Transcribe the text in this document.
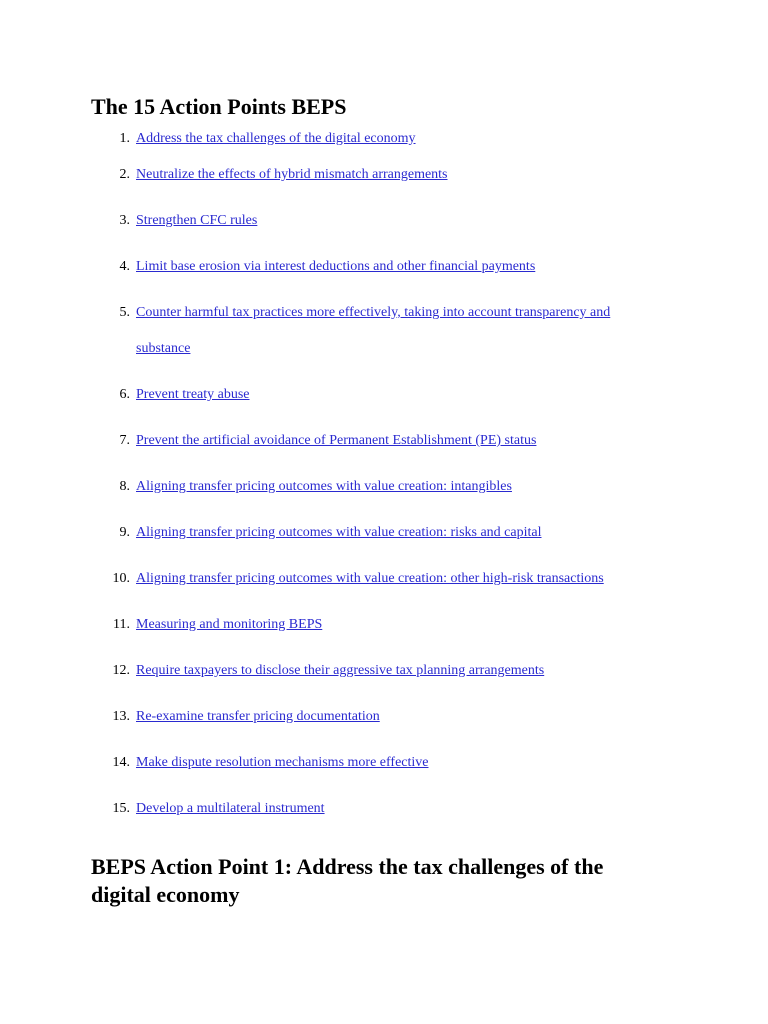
The 15 Action Points BEPS
1. Address the tax challenges of the digital economy
2. Neutralize the effects of hybrid mismatch arrangements
3. Strengthen CFC rules
4. Limit base erosion via interest deductions and other financial payments
5. Counter harmful tax practices more effectively, taking into account transparency and substance
6. Prevent treaty abuse
7. Prevent the artificial avoidance of Permanent Establishment (PE) status
8. Aligning transfer pricing outcomes with value creation: intangibles
9. Aligning transfer pricing outcomes with value creation: risks and capital
10. Aligning transfer pricing outcomes with value creation: other high-risk transactions
11. Measuring and monitoring BEPS
12. Require taxpayers to disclose their aggressive tax planning arrangements
13. Re-examine transfer pricing documentation
14. Make dispute resolution mechanisms more effective
15. Develop a multilateral instrument
BEPS Action Point 1: Address the tax challenges of the digital economy
